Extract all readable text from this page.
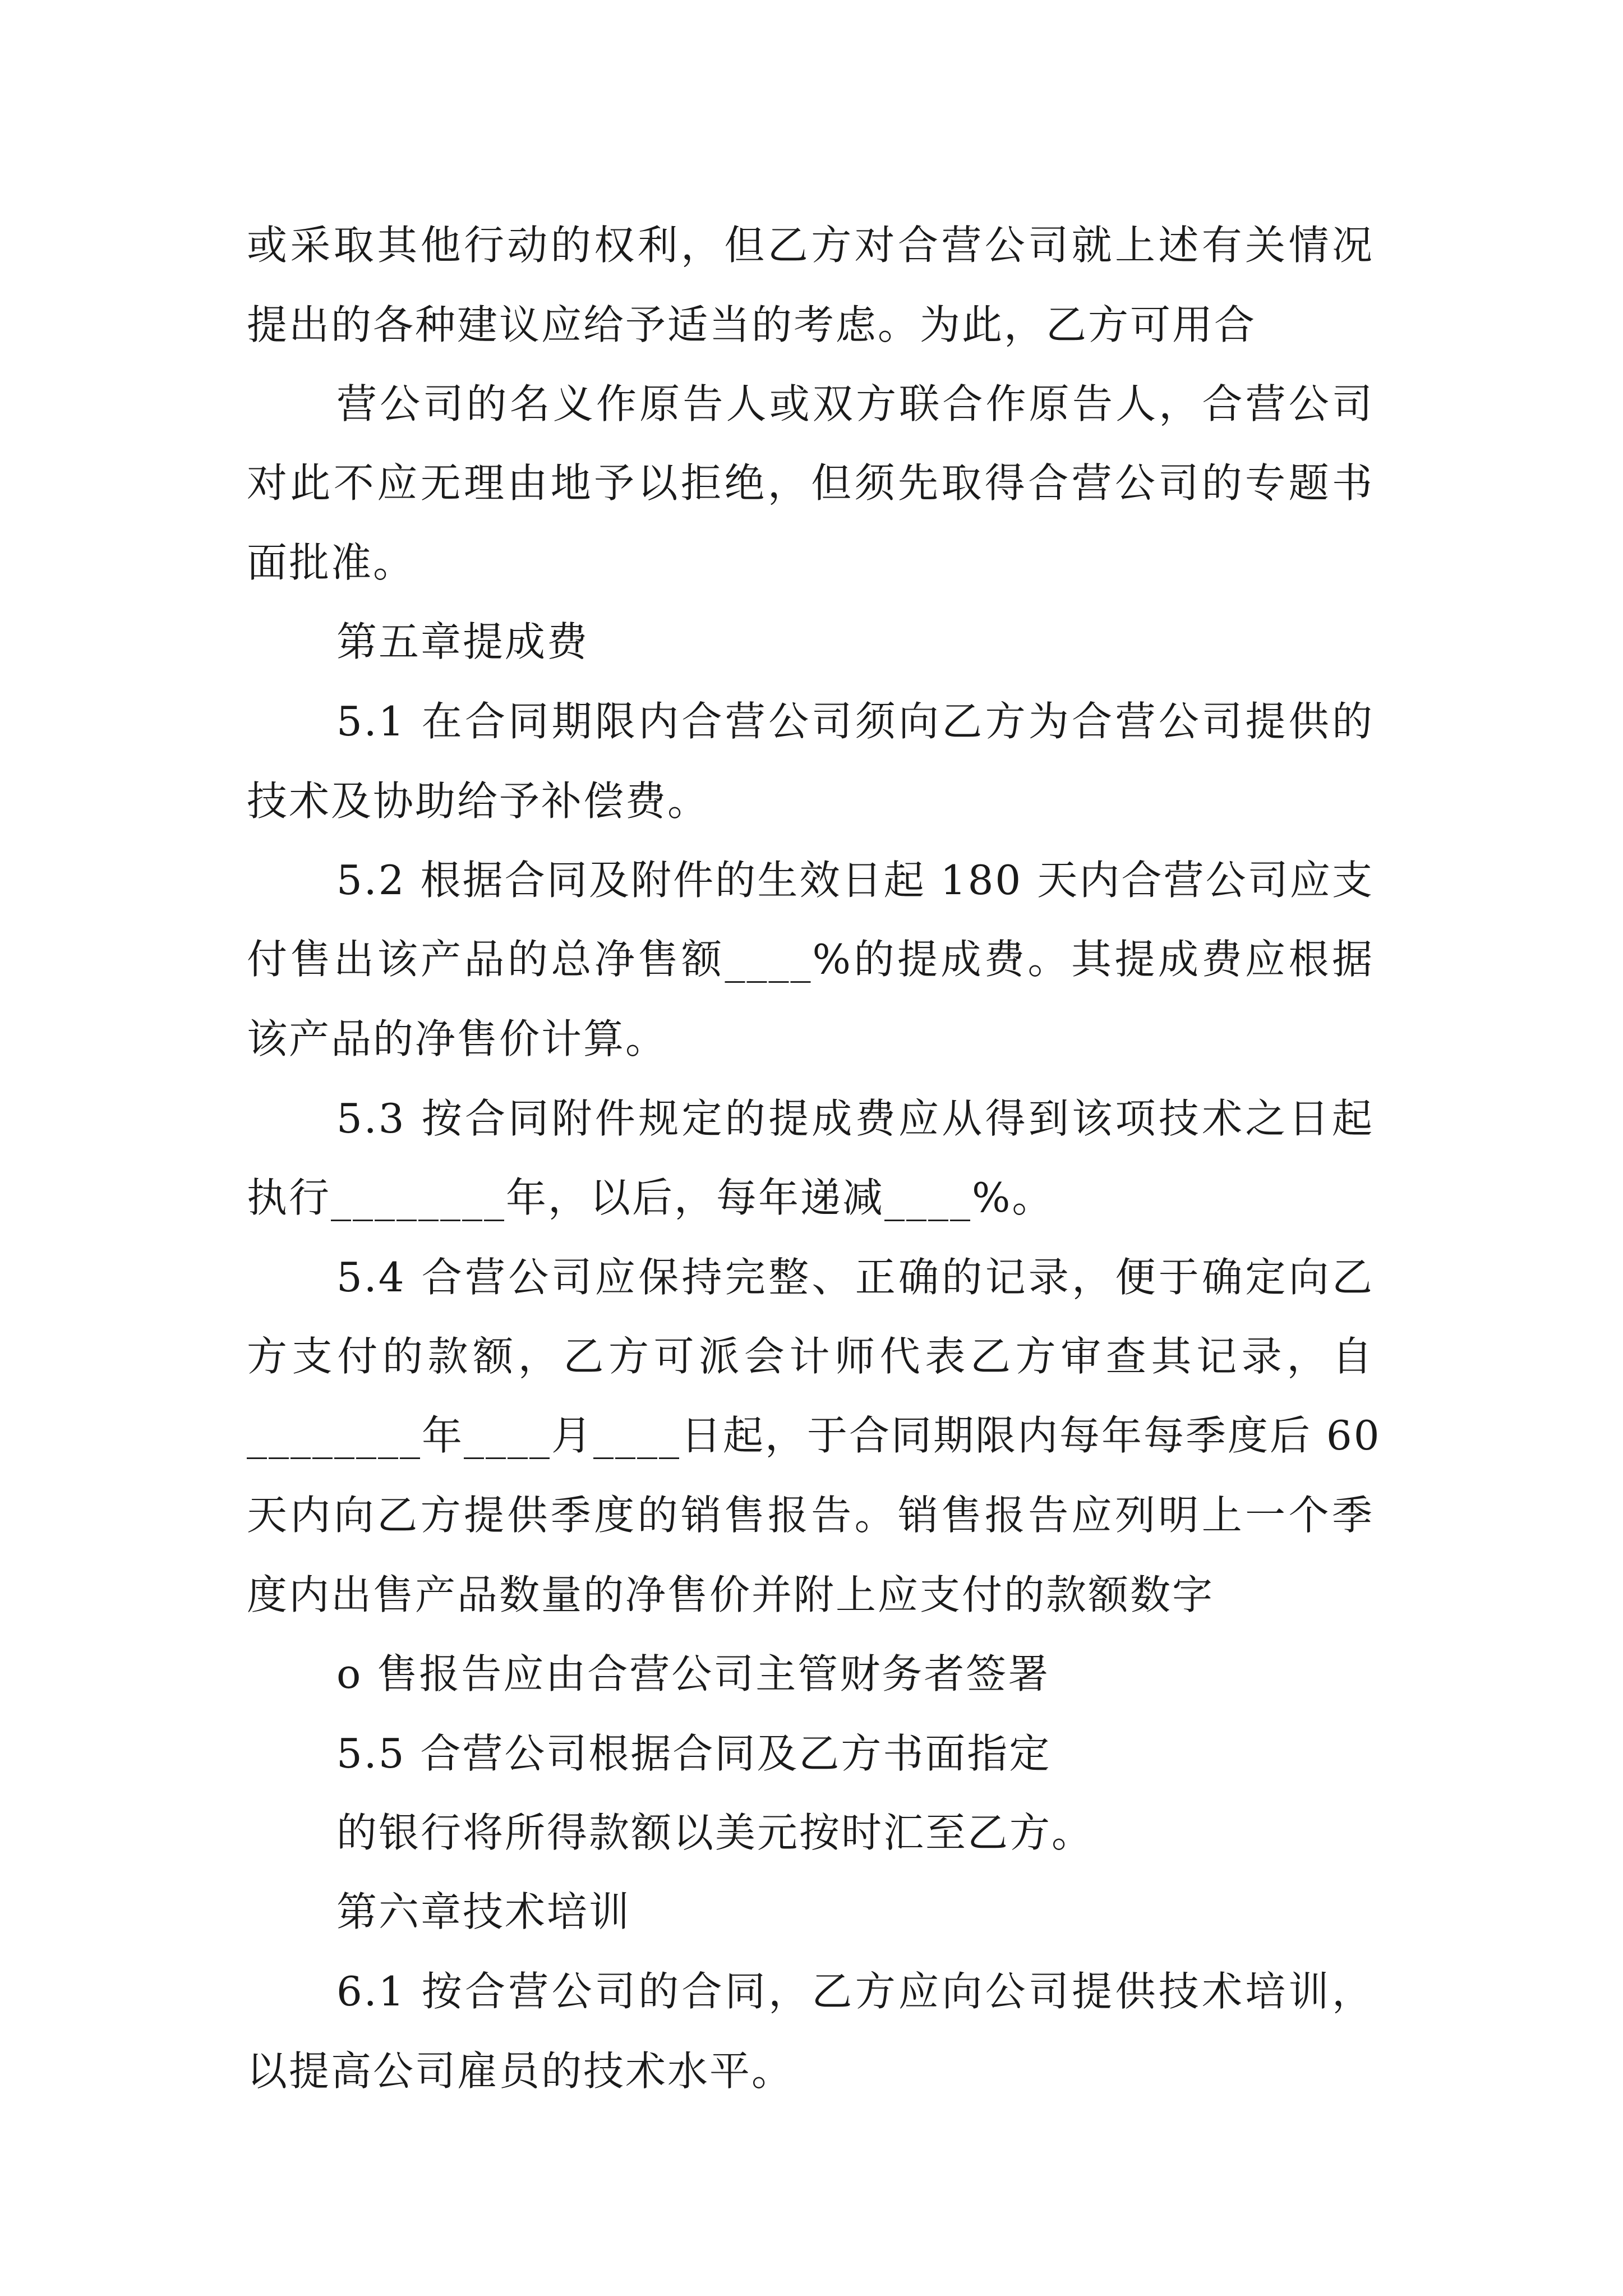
或采取其他行动的权利，但乙方对合营公司就上述有关情况

提出的各种建议应给予适当的考虑。为此，乙方可用合

营公司的名义作原告人或双方联合作原告人，合营公司

对此不应无理由地予以拒绝，但须先取得合营公司的专题书

面批准。

第五章提成费

5.1 在合同期限内合营公司须向乙方为合营公司提供的

技术及协助给予补偿费。

5.2 根据合同及附件的生效日起 180 天内合营公司应支

付售出该产品的总净售额____%的提成费。其提成费应根据

该产品的净售价计算。

5.3 按合同附件规定的提成费应从得到该项技术之日起

执行________年，以后，每年递减____%。

5.4 合营公司应保持完整、正确的记录，便于确定向乙

方支付的款额，乙方可派会计师代表乙方审查其记录，自

________年____月____日起，于合同期限内每年每季度后 60

天内向乙方提供季度的销售报告。销售报告应列明上一个季

度内出售产品数量的净售价并附上应支付的款额数字

o 售报告应由合营公司主管财务者签署

5.5 合营公司根据合同及乙方书面指定

的银行将所得款额以美元按时汇至乙方。

第六章技术培训

6.1 按合营公司的合同，乙方应向公司提供技术培训，

以提高公司雇员的技术水平。
